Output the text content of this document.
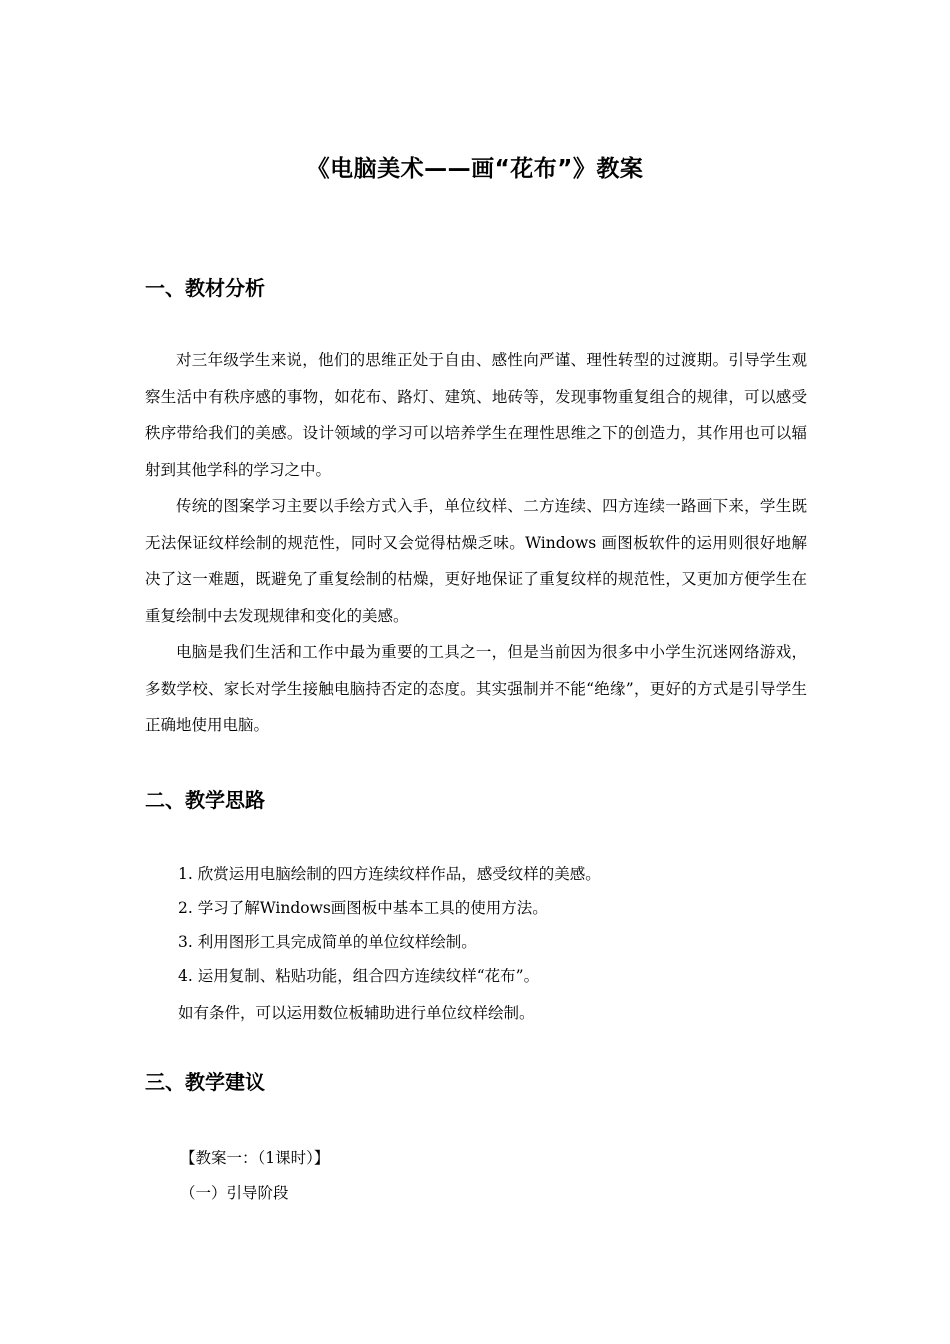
《电脑美术——画“花布”》教案
一、教材分析

对三年级学生来说，他们的思维正处于自由、感性向严谨、理性转型的过渡期。引导学生观察生活中有秩序感的事物，如花布、路灯、建筑、地砖等，发现事物重复组合的规律，可以感受秩序带给我们的美感。设计领域的学习可以培养学生在理性思维之下的创造力，其作用也可以辐射到其他学科的学习之中。

传统的图案学习主要以手绘方式入手，单位纹样、二方连续、四方连续一路画下来，学生既无法保证纹样绘制的规范性，同时又会觉得枯燥乏味。Windows 画图板软件的运用则很好地解决了这一难题，既避免了重复绘制的枯燥，更好地保证了重复纹样的规范性，又更加方便学生在重复绘制中去发现规律和变化的美感。

电脑是我们生活和工作中最为重要的工具之一，但是当前因为很多中小学生沉迷网络游戏，多数学校、家长对学生接触电脑持否定的态度。其实强制并不能“绝缘”，更好的方式是引导学生正确地使用电脑。

二、教学思路
1. 欣赏运用电脑绘制的四方连续纹样作品，感受纹样的美感。
2. 学习了解Windows画图板中基本工具的使用方法。
3. 利用图形工具完成简单的单位纹样绘制。
4. 运用复制、粘贴功能，组合四方连续纹样“花布”。

如有条件，可以运用数位板辅助进行单位纹样绘制。

三、教学建议

【教案一：（1课时）】

（一）引导阶段
